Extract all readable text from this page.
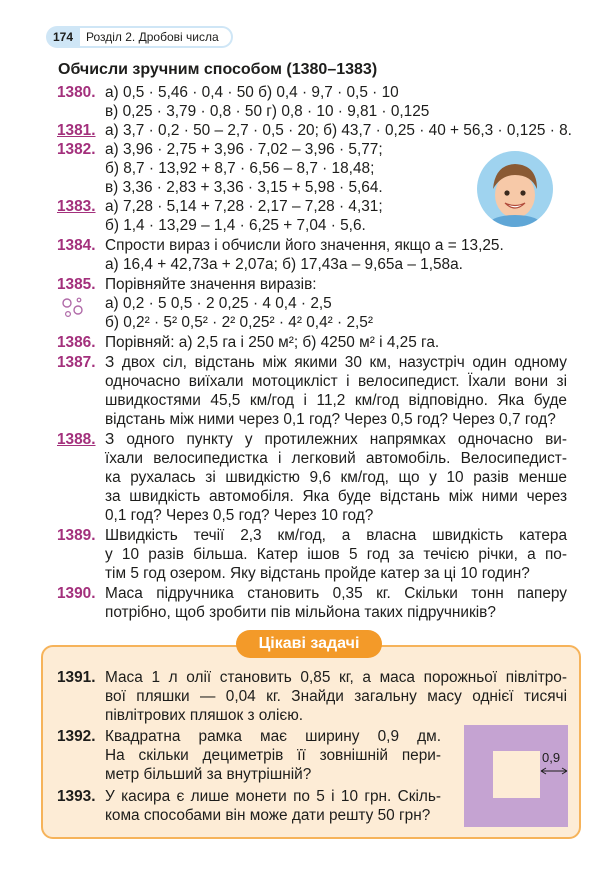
174	Розділ 2. Дробові числа
Обчисли зручним способом (1380–1383)
1380. а) 0,5 · 5,46 · 0,4 · 50 б) 0,4 · 9,7 · 0,5 · 10
в) 0,25 · 3,79 · 0,8 · 50 г) 0,8 · 10 · 9,81 · 0,125
1381. а) 3,7 · 0,2 · 50 – 2,7 · 0,5 · 20; б) 43,7 · 0,25 · 40 + 56,3 · 0,125 · 8.
1382. а) 3,96 · 2,75 + 3,96 · 7,02 – 3,96 · 5,77;
б) 8,7 · 13,92 + 8,7 · 6,56 – 8,7 · 18,48;
в) 3,36 · 2,83 + 3,36 · 3,15 + 5,98 · 5,64.
1383. а) 7,28 · 5,14 + 7,28 · 2,17 – 7,28 · 4,31;
б) 1,4 · 13,29 – 1,4 · 6,25 + 7,04 · 5,6.
1384. Спрости вираз і обчисли його значення, якщо a = 13,25.
а) 16,4 + 42,73a + 2,07a; б) 17,43a – 9,65a – 1,58a.
1385. Порівняйте значення виразів:
а) 0,2 · 5 0,5 · 2 0,25 · 4 0,4 · 2,5
б) 0,2² · 5² 0,5² · 2² 0,25² · 4² 0,4² · 2,5²
1386. Порівняй: а) 2,5 га і 250 м²; б) 4250 м² і 4,25 га.
1387. З двох сіл, відстань між якими 30 км, назустріч один одному
одночасно виїхали мотоцикліст і велосипедист. Їхали вони зі
швидкостями 45,5 км/год і 11,2 км/год відповідно. Яка буде
відстань між ними через 0,1 год? Через 0,5 год? Через 0,7 год?
1388. З одного пункту у протилежних напрямках одночасно ви-
їхали велосипедистка і легковий автомобіль. Велосипедист-
ка рухалась зі швидкістю 9,6 км/год, що у 10 разів менше
за швидкість автомобіля. Яка буде відстань між ними через
0,1 год? Через 0,5 год? Через 10 год?
1389. Швидкість течії 2,3 км/год, а власна швидкість катера
у 10 разів більша. Катер ішов 5 год за течією річки, а по-
тім 5 год озером. Яку відстань пройде катер за ці 10 годин?
1390. Маса підручника становить 0,35 кг. Скільки тонн паперу
потрібно, щоб зробити пів мільйона таких підручників?
Цікаві задачі
1391. Маса 1 л олії становить 0,85 кг, а маса порожньої півлітро-
вої пляшки — 0,04 кг. Знайди загальну масу однієї тисячі
півлітрових пляшок з олією.
1392. Квадратна рамка має ширину 0,9 дм.
На скільки дециметрів її зовнішній пери-
метр більший за внутрішній?
1393. У касира є лише монети по 5 і 10 грн. Скіль-
кома способами він може дати решту 50 грн?
0,9
